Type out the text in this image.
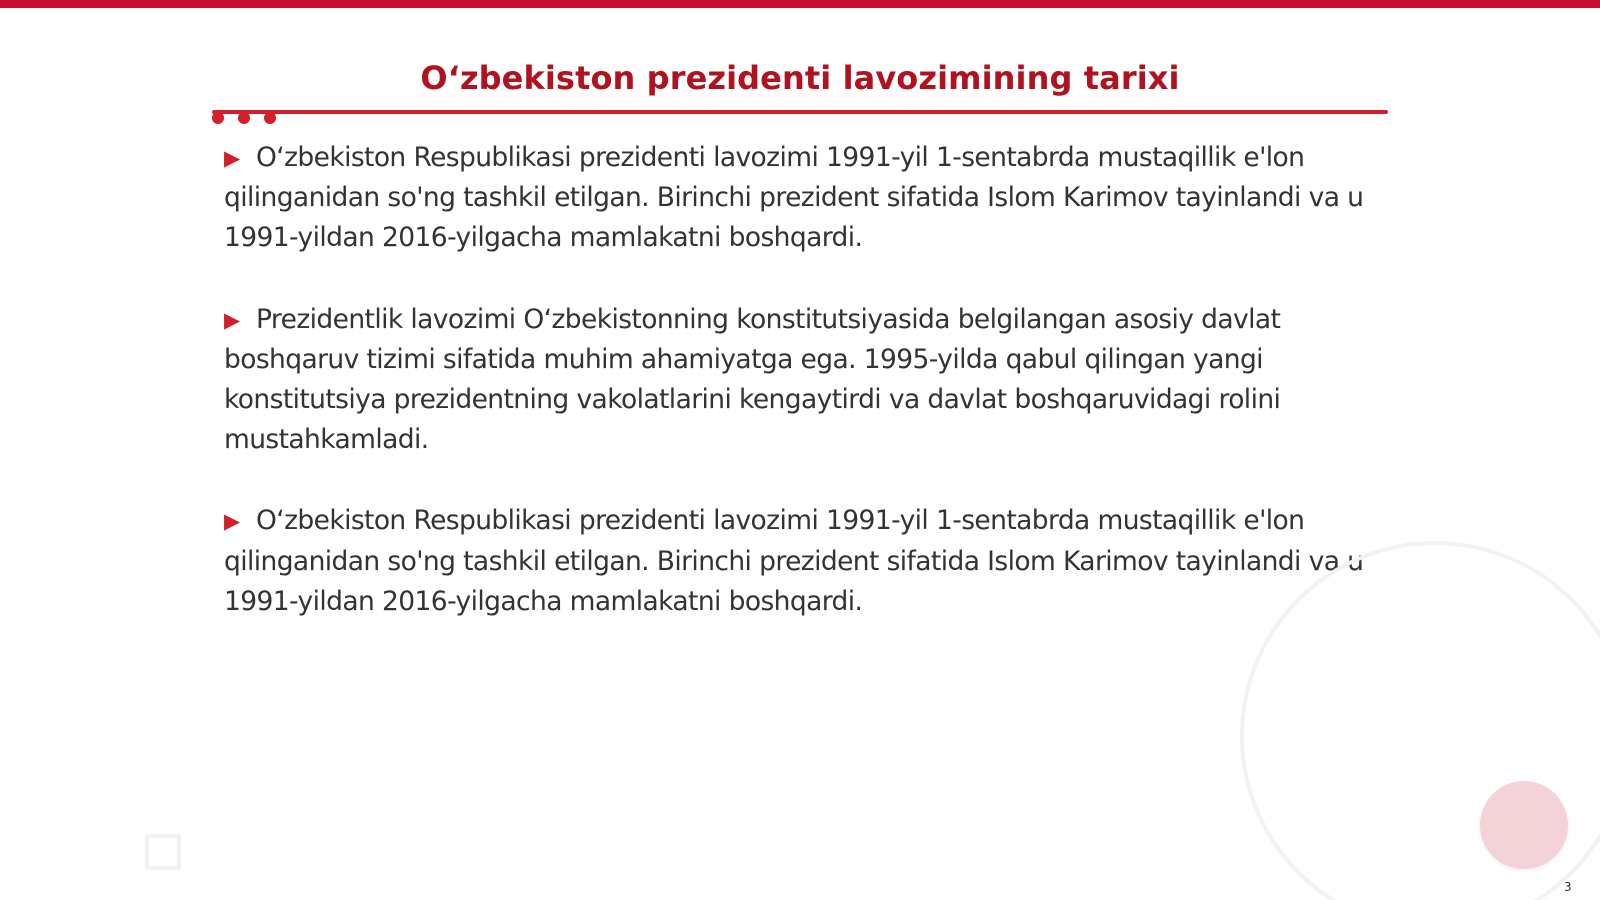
O‘zbekiston prezidenti lavozimining tarixi

▶ O‘zbekiston Respublikasi prezidenti lavozimi 1991-yil 1-sentabrda mustaqillik e'lon qilinganidan so'ng tashkil etilgan. Birinchi prezident sifatida Islom Karimov tayinlandi va u 1991-yildan 2016-yilgacha mamlakatni boshqardi.

▶ Prezidentlik lavozimi O‘zbekistonning konstitutsiyasida belgilangan asosiy davlat boshqaruv tizimi sifatida muhim ahamiyatga ega. 1995-yilda qabul qilingan yangi konstitutsiya prezidentning vakolatlarini kengaytirdi va davlat boshqaruvidagi rolini mustahkamladi.

▶ O‘zbekiston Respublikasi prezidenti lavozimi 1991-yil 1-sentabrda mustaqillik e'lon qilinganidan so'ng tashkil etilgan. Birinchi prezident sifatida Islom Karimov tayinlandi va u 1991-yildan 2016-yilgacha mamlakatni boshqardi.

3
